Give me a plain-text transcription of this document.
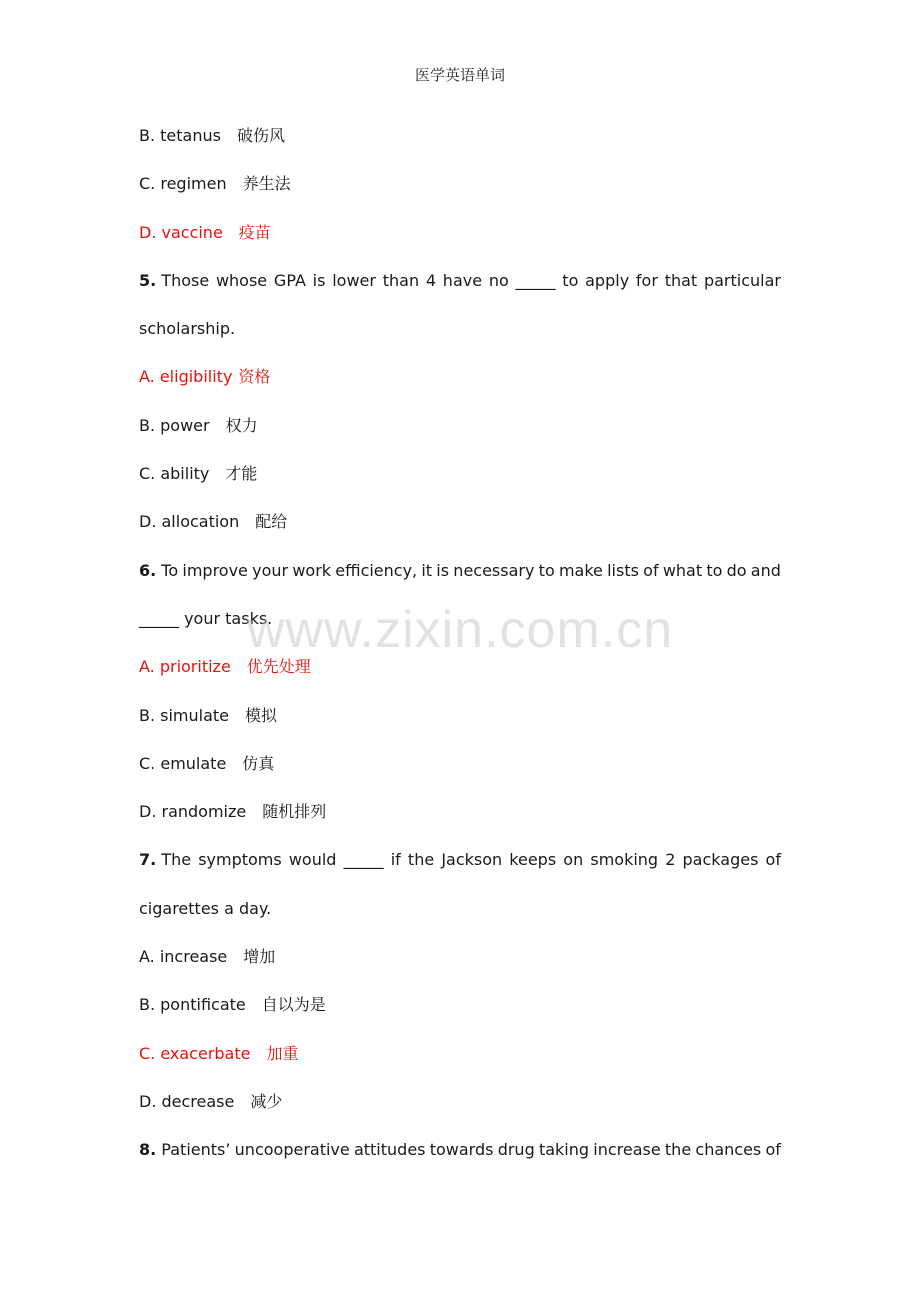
医学英语单词
B. tetanus 破伤风
C. regimen 养生法
D. vaccine 疫苗
5. Those whose GPA is lower than 4 have no _____ to apply for that particular
scholarship.
A. eligibility 资格
B. power 权力
C. ability 才能
D. allocation 配给
6. To improve your work efficiency, it is necessary to make lists of what to do and
_____ your tasks.
A. prioritize 优先处理
B. simulate 模拟
C. emulate 仿真
D. randomize 随机排列
7. The symptoms would _____ if the Jackson keeps on smoking 2 packages of
cigarettes a day.
A. increase 增加
B. pontificate 自以为是
C. exacerbate 加重
D. decrease 减少
8. Patients’ uncooperative attitudes towards drug taking increase the chances of
www.zixin.com.cn
